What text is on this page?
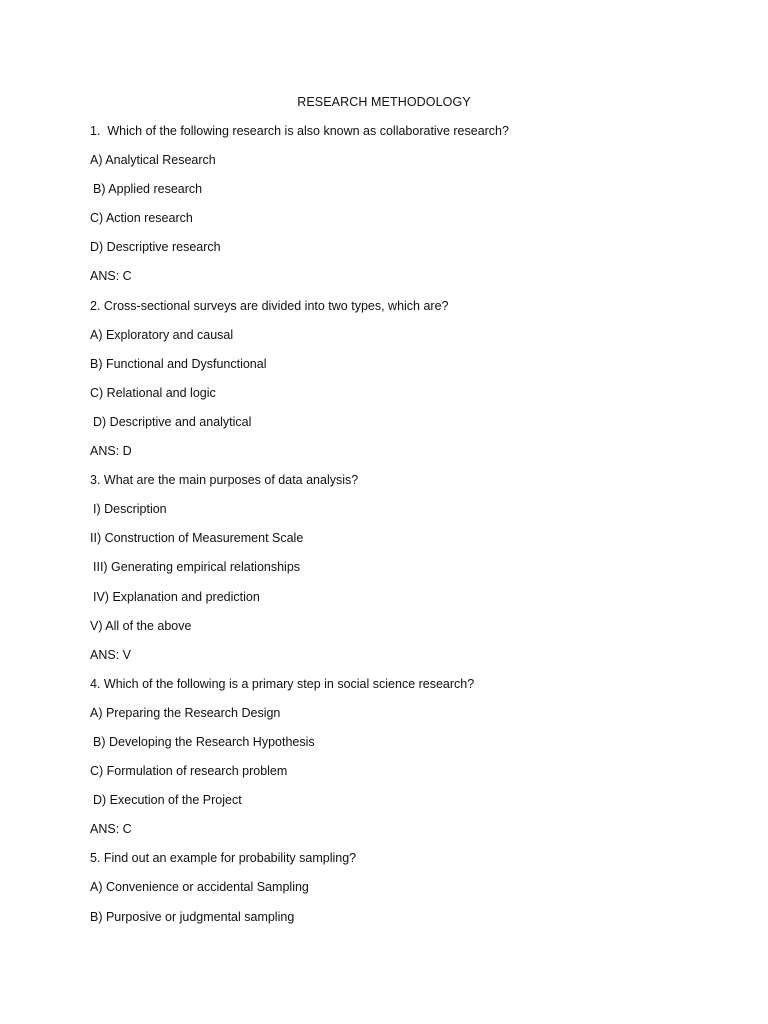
RESEARCH METHODOLOGY
1.  Which of the following research is also known as collaborative research?
A) Analytical Research
B) Applied research
C) Action research
D) Descriptive research
ANS: C
2. Cross-sectional surveys are divided into two types, which are?
A) Exploratory and causal
B) Functional and Dysfunctional
C) Relational and logic
D) Descriptive and analytical
ANS: D
3. What are the main purposes of data analysis?
I) Description
II) Construction of Measurement Scale
III) Generating empirical relationships
IV) Explanation and prediction
V) All of the above
ANS: V
4. Which of the following is a primary step in social science research?
A) Preparing the Research Design
B) Developing the Research Hypothesis
C) Formulation of research problem
D) Execution of the Project
ANS: C
5. Find out an example for probability sampling?
A) Convenience or accidental Sampling
B) Purposive or judgmental sampling
